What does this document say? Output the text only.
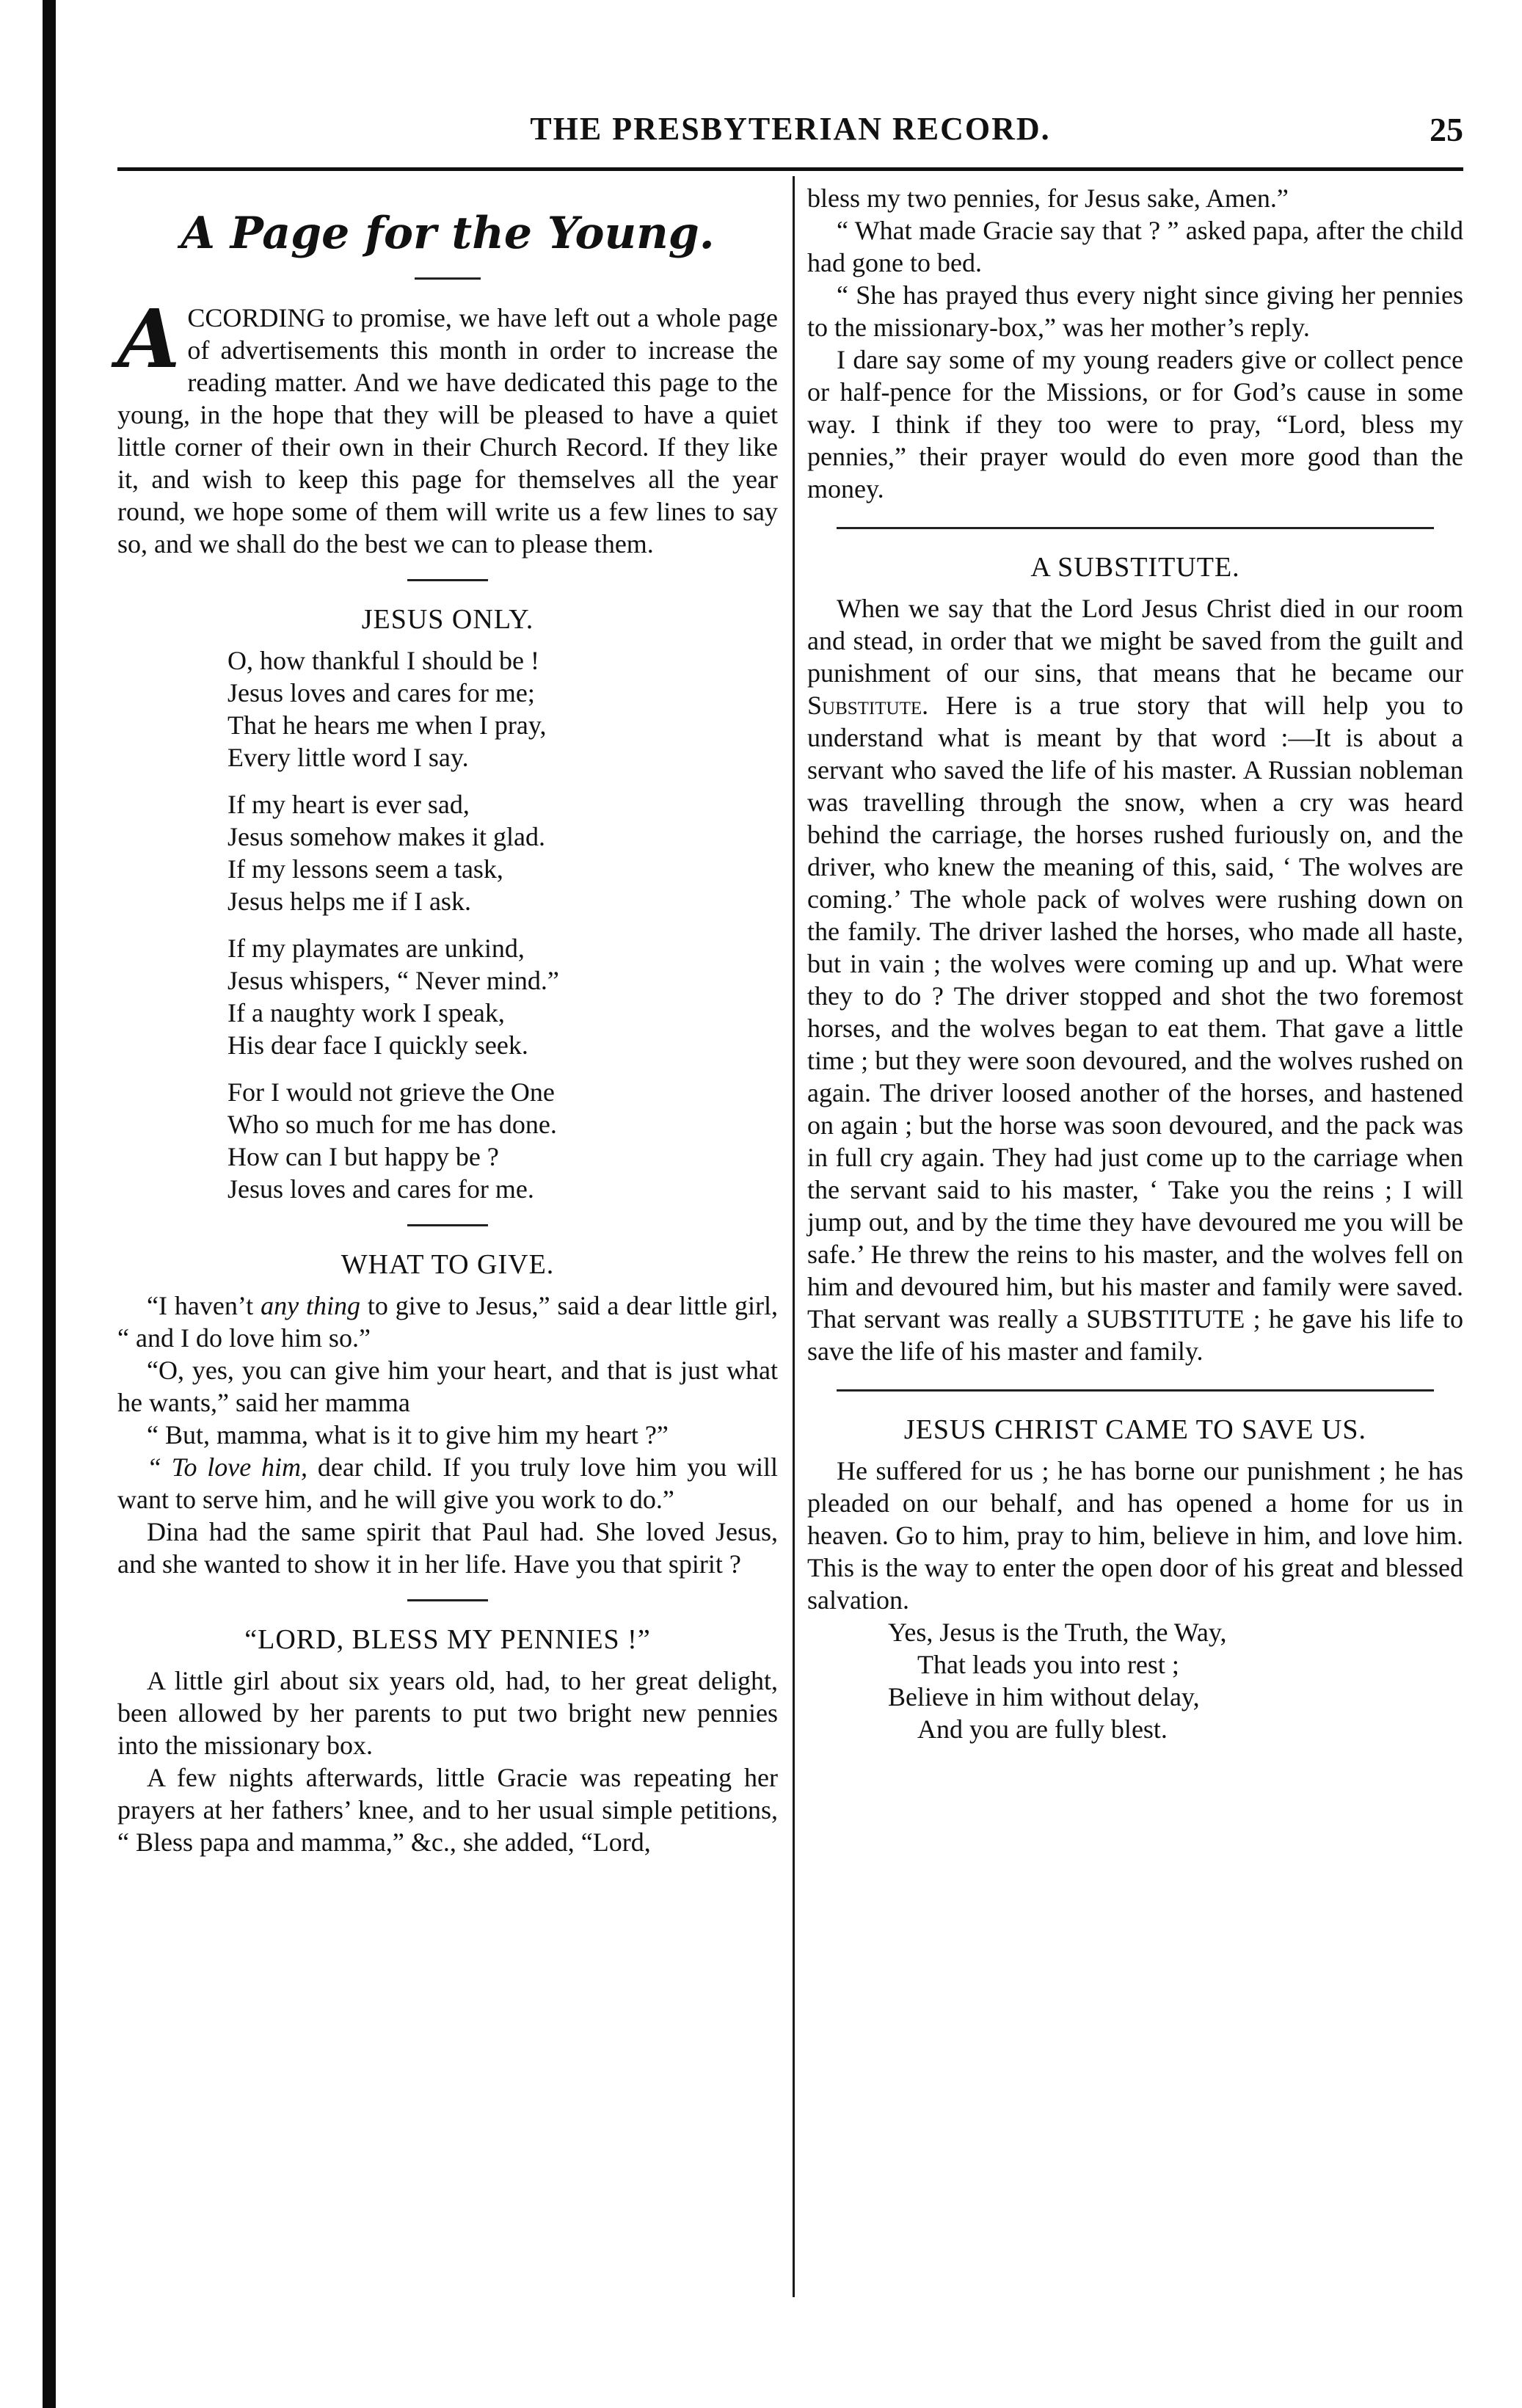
THE PRESBYTERIAN RECORD.	25
A Page for the Young.

ACCORDING to promise, we have left out a whole page of advertisements this month in order to increase the reading matter. And we have dedicated this page to the young, in the hope that they will be pleased to have a quiet little corner of their own in their Church Record. If they like it, and wish to keep this page for themselves all the year round, we hope some of them will write us a few lines to say so, and we shall do the best we can to please them.

JESUS ONLY.
O, how thankful I should be !
Jesus loves and cares for me;
That he hears me when I pray,
Every little word I say.
If my heart is ever sad,
Jesus somehow makes it glad.
If my lessons seem a task,
Jesus helps me if I ask.
If my playmates are unkind,
Jesus whispers, “ Never mind.”
If a naughty work I speak,
His dear face I quickly seek.
For I would not grieve the One
Who so much for me has done.
How can I but happy be ?
Jesus loves and cares for me.
WHAT TO GIVE.

“I haven’t any thing to give to Jesus,” said a dear little girl, “ and I do love him so.”

“O, yes, you can give him your heart, and that is just what he wants,” said her mamma

“ But, mamma, what is it to give him my heart ?”

“ To love him, dear child. If you truly love him you will want to serve him, and he will give you work to do.”

Dina had the same spirit that Paul had. She loved Jesus, and she wanted to show it in her life. Have you that spirit ?

“LORD, BLESS MY PENNIES !”

A little girl about six years old, had, to her great delight, been allowed by her parents to put two bright new pennies into the missionary box.

A few nights afterwards, little Gracie was repeating her prayers at her fathers’ knee, and to her usual simple petitions, “ Bless papa and mamma,” &c., she added, “Lord,

bless my two pennies, for Jesus sake, Amen.”

“ What made Gracie say that ? ” asked papa, after the child had gone to bed.

“ She has prayed thus every night since giving her pennies to the missionary-box,” was her mother’s reply.

I dare say some of my young readers give or collect pence or half-pence for the Missions, or for God’s cause in some way. I think if they too were to pray, “Lord, bless my pennies,” their prayer would do even more good than the money.

A SUBSTITUTE.

When we say that the Lord Jesus Christ died in our room and stead, in order that we might be saved from the guilt and punishment of our sins, that means that he became our Substitute. Here is a true story that will help you to understand what is meant by that word :—It is about a servant who saved the life of his master. A Russian nobleman was travelling through the snow, when a cry was heard behind the carriage, the horses rushed furiously on, and the driver, who knew the meaning of this, said, ‘ The wolves are coming.’ The whole pack of wolves were rushing down on the family. The driver lashed the horses, who made all haste, but in vain ; the wolves were coming up and up. What were they to do ? The driver stopped and shot the two foremost horses, and the wolves began to eat them. That gave a little time ; but they were soon devoured, and the wolves rushed on again. The driver loosed another of the horses, and hastened on again ; but the horse was soon devoured, and the pack was in full cry again. They had just come up to the carriage when the servant said to his master, ‘ Take you the reins ; I will jump out, and by the time they have devoured me you will be safe.’ He threw the reins to his master, and the wolves fell on him and devoured him, but his master and family were saved. That servant was really a SUBSTITUTE ; he gave his life to save the life of his master and family.

JESUS CHRIST CAME TO SAVE US.

He suffered for us ; he has borne our punishment ; he has pleaded on our behalf, and has opened a home for us in heaven. Go to him, pray to him, believe in him, and love him. This is the way to enter the open door of his great and blessed salvation.

Yes, Jesus is the Truth, the Way,
That leads you into rest ;
Believe in him without delay,
And you are fully blest.
